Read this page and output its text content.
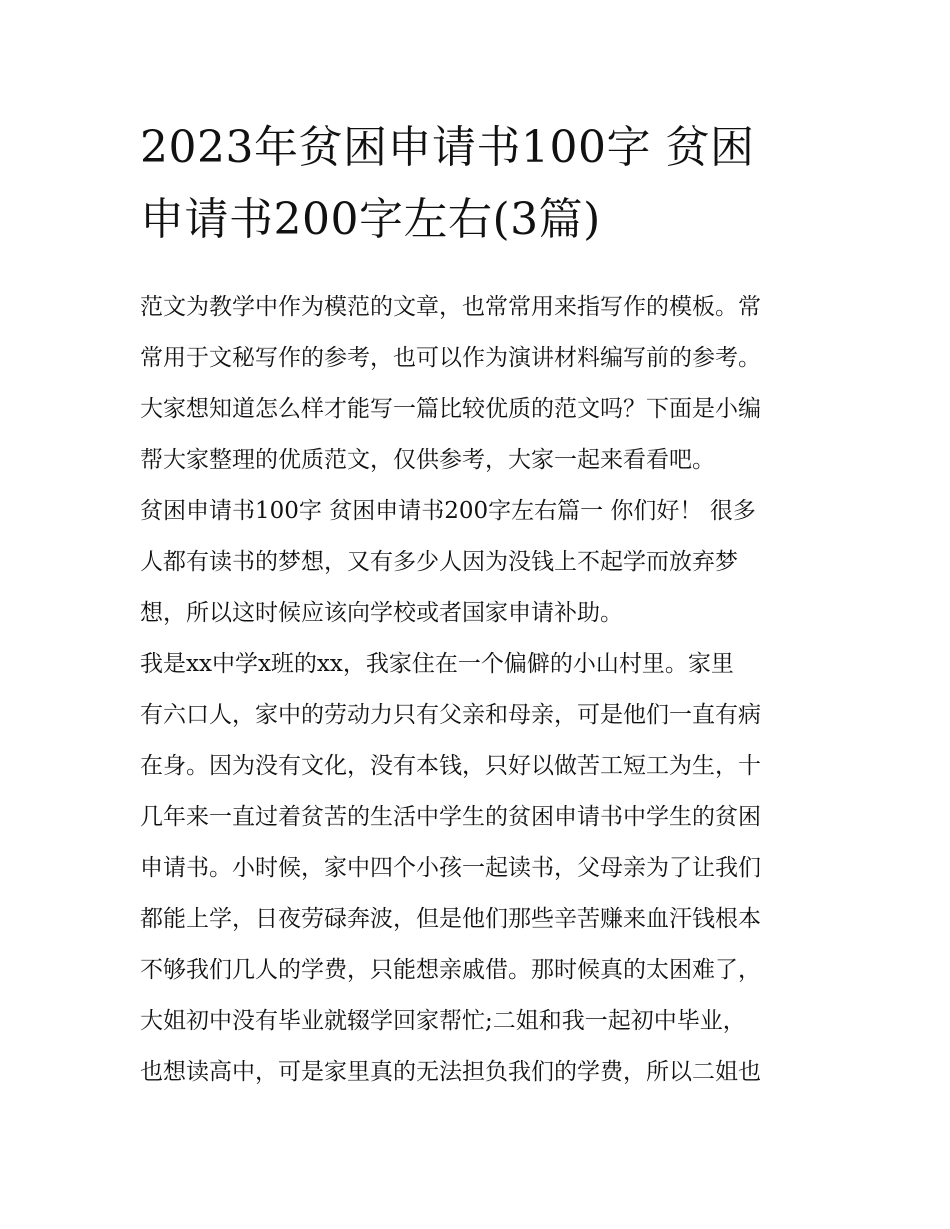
2023年贫困申请书100字 贫困
申请书200字左右(3篇)

范文为教学中作为模范的文章，也常常用来指写作的模板。常
常用于文秘写作的参考，也可以作为演讲材料编写前的参考。
大家想知道怎么样才能写一篇比较优质的范文吗？下面是小编
帮大家整理的优质范文，仅供参考，大家一起来看看吧。

贫困申请书100字 贫困申请书200字左右篇一 你们好！ 很多
人都有读书的梦想，又有多少人因为没钱上不起学而放弃梦
想，所以这时候应该向学校或者国家申请补助。

我是xx中学x班的xx，我家住在一个偏僻的小山村里。家里
有六口人，家中的劳动力只有父亲和母亲，可是他们一直有病
在身。因为没有文化，没有本钱，只好以做苦工短工为生，十
几年来一直过着贫苦的生活中学生的贫困申请书中学生的贫困
申请书。小时候，家中四个小孩一起读书，父母亲为了让我们
都能上学，日夜劳碌奔波，但是他们那些辛苦赚来血汗钱根本
不够我们几人的学费，只能想亲戚借。那时候真的太困难了，
大姐初中没有毕业就辍学回家帮忙;二姐和我一起初中毕业，
也想读高中，可是家里真的无法担负我们的学费，所以二姐也
